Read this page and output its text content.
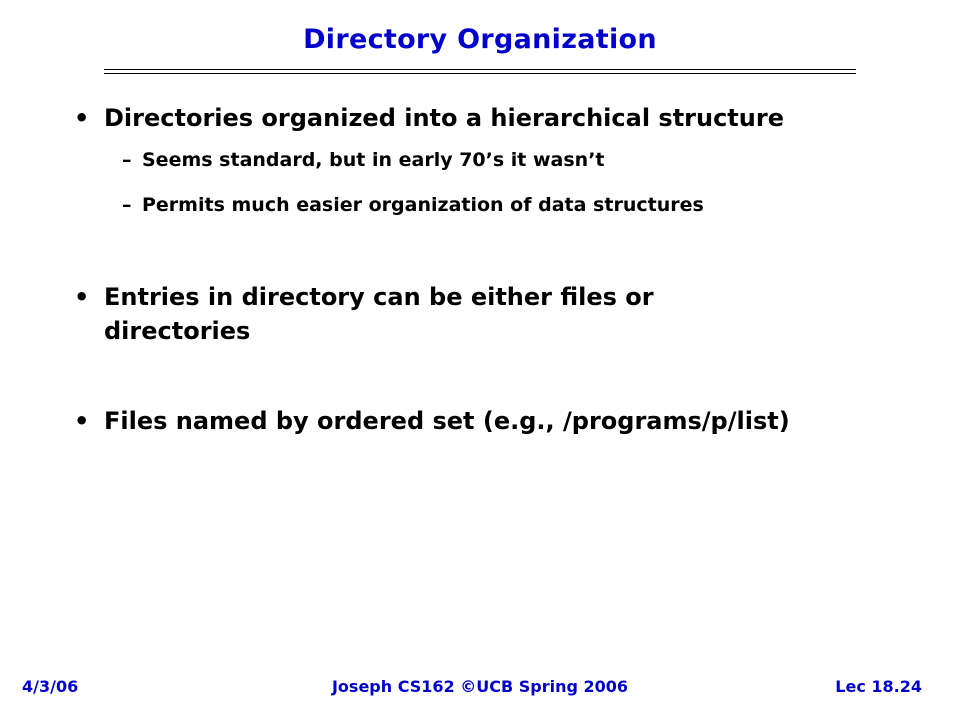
Directory Organization
• Directories organized into a hierarchical structure
– Seems standard, but in early 70’s it wasn’t
– Permits much easier organization of data structures
• Entries in directory can be either files or
directories
• Files named by ordered set (e.g., /programs/p/list)
4/3/06	Joseph CS162 ©UCB Spring 2006	Lec 18.24
